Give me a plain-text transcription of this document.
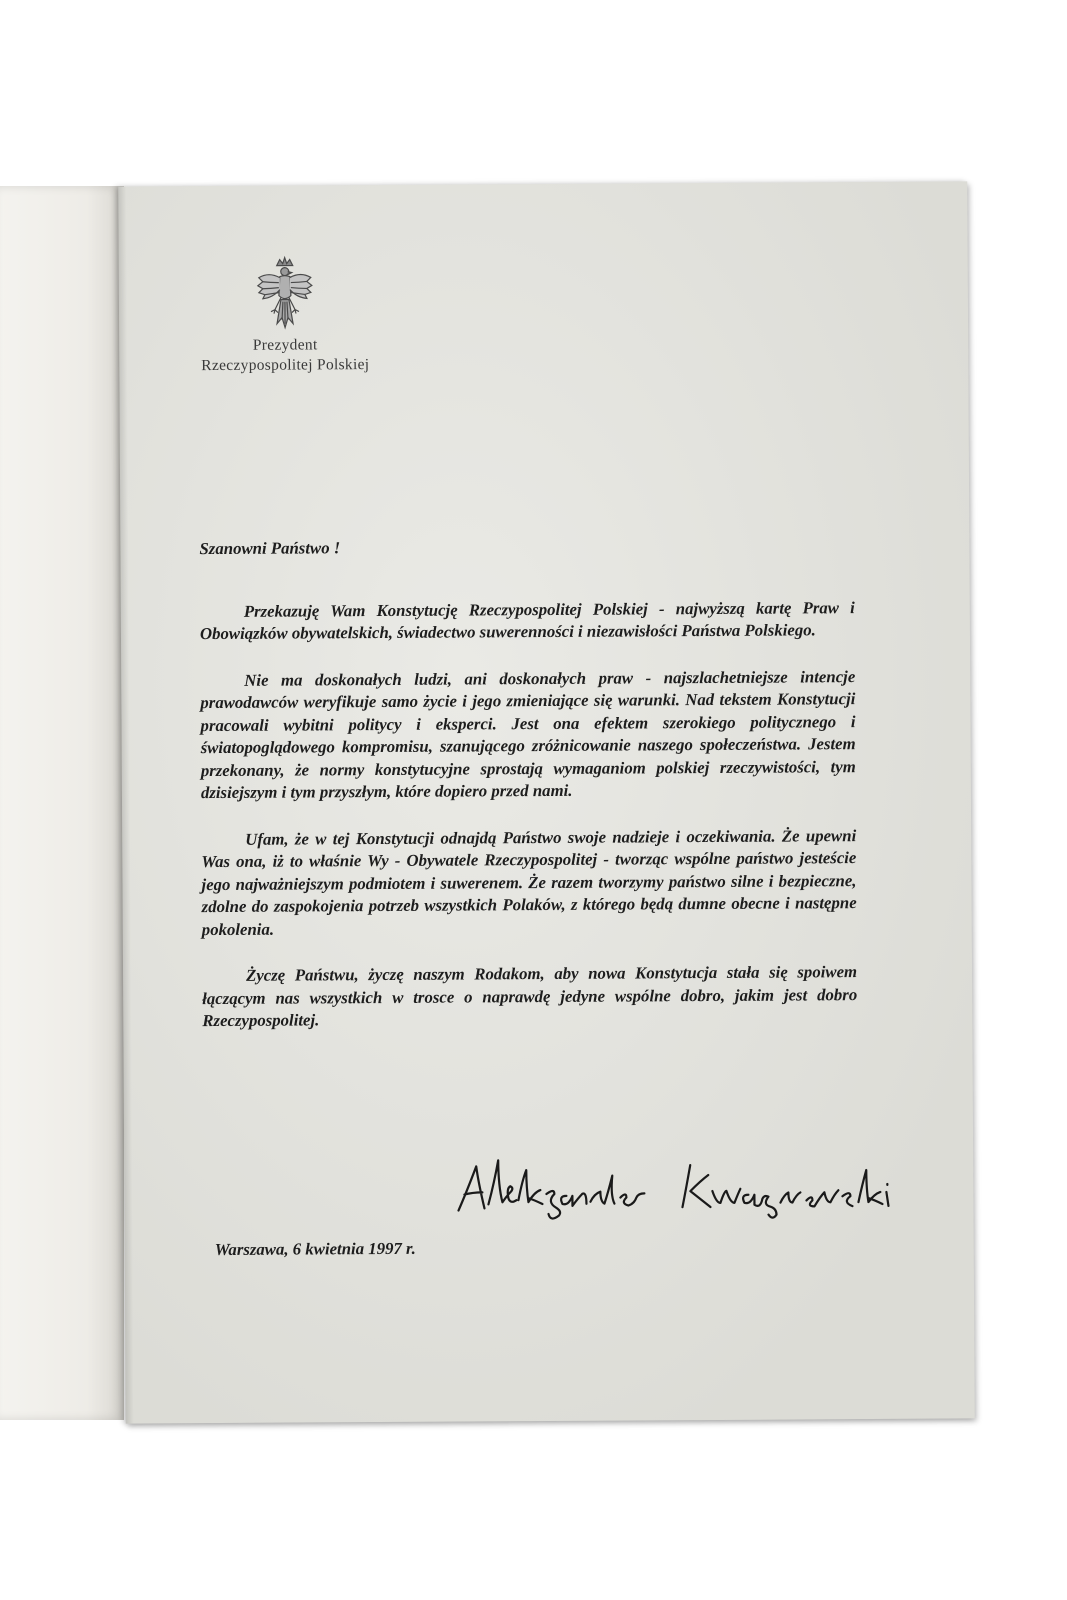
Prezydent
Rzeczypospolitej Polskiej

Szanowni Państwo !

Przekazuję Wam Konstytucję Rzeczypospolitej Polskiej - najwyższą kartę Praw i Obowiązków obywatelskich, świadectwo suwerenności i niezawisłości Państwa Polskiego.

Nie ma doskonałych ludzi, ani doskonałych praw - najszlachetniejsze intencje prawodawców weryfikuje samo życie i jego zmieniające się warunki. Nad tekstem Konstytucji pracowali wybitni politycy i eksperci. Jest ona efektem szerokiego politycznego i światopoglądowego kompromisu, szanującego zróżnicowanie naszego społeczeństwa. Jestem przekonany, że normy konstytucyjne sprostają wymaganiom polskiej rzeczywistości, tym dzisiejszym i tym przyszłym, które dopiero przed nami.

Ufam, że w tej Konstytucji odnajdą Państwo swoje nadzieje i oczekiwania. Że upewni Was ona, iż to właśnie Wy - Obywatele Rzeczypospolitej - tworząc wspólne państwo jesteście jego najważniejszym podmiotem i suwerenem. Że razem tworzymy państwo silne i bezpieczne, zdolne do zaspokojenia potrzeb wszystkich Polaków, z którego będą dumne obecne i następne pokolenia.

Życzę Państwu, życzę naszym Rodakom, aby nowa Konstytucja stała się spoiwem łączącym nas wszystkich w trosce o naprawdę jedyne wspólne dobro, jakim jest dobro Rzeczypospolitej.

Warszawa, 6 kwietnia 1997 r.
